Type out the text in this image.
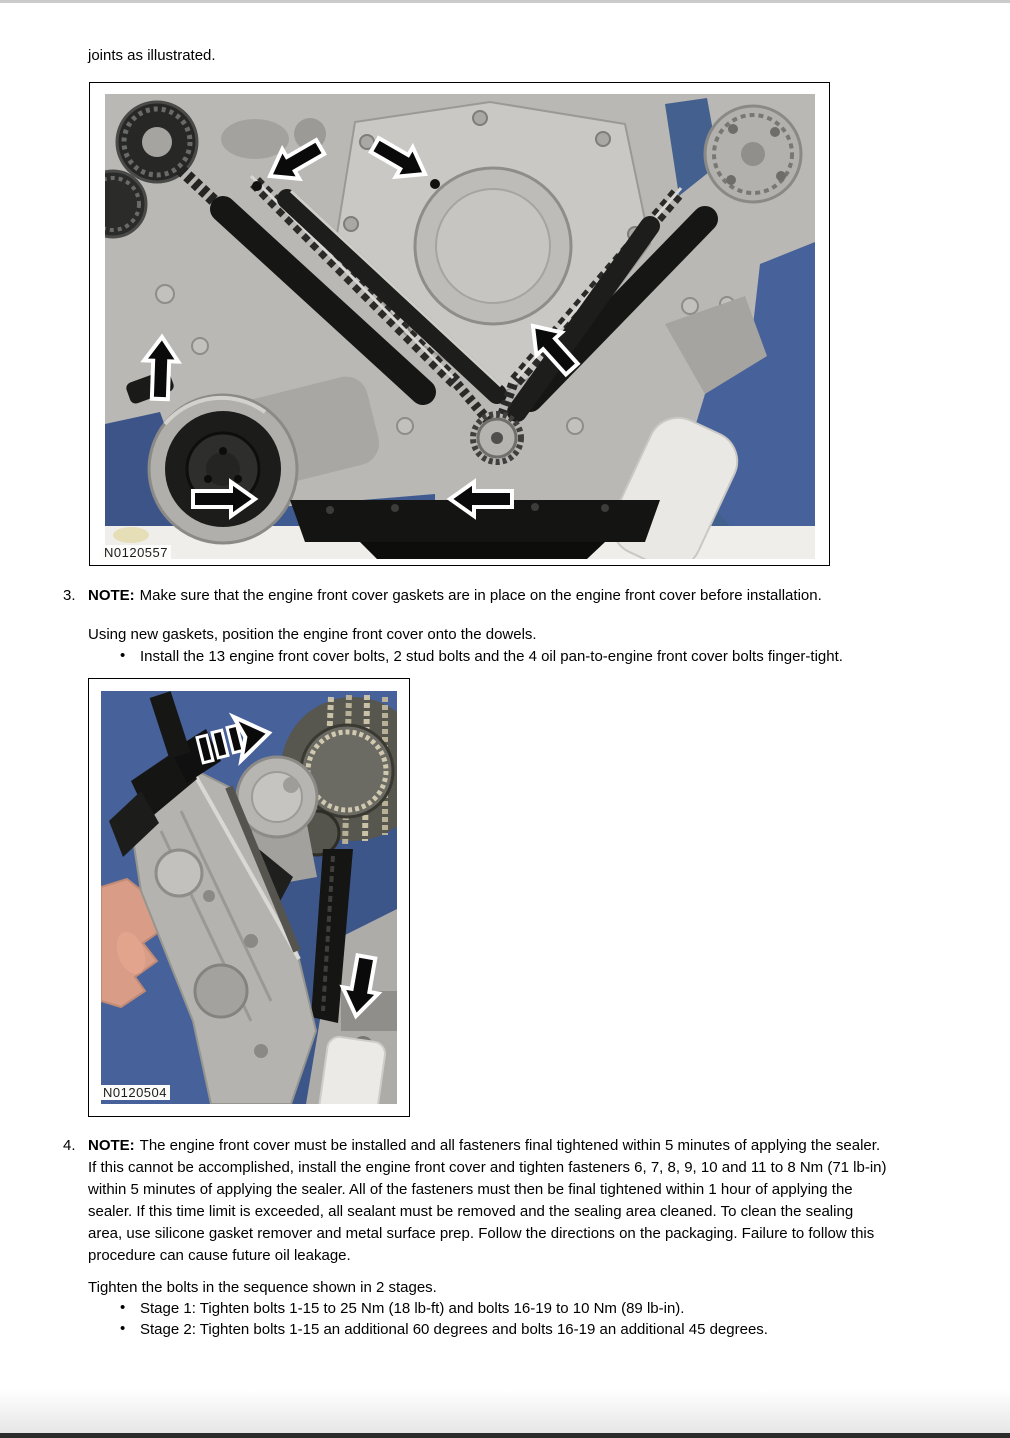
joints as illustrated.
N0120557
3. NOTE: Make sure that the engine front cover gaskets are in place on the engine front cover before installation.
Using new gaskets, position the engine front cover onto the dowels.
• Install the 13 engine front cover bolts, 2 stud bolts and the 4 oil pan-to-engine front cover bolts finger-tight.
N0120504
4. NOTE: The engine front cover must be installed and all fasteners final tightened within 5 minutes of applying the sealer.
If this cannot be accomplished, install the engine front cover and tighten fasteners 6, 7, 8, 9, 10 and 11 to 8 Nm (71 lb-in)
within 5 minutes of applying the sealer. All of the fasteners must then be final tightened within 1 hour of applying the
sealer. If this time limit is exceeded, all sealant must be removed and the sealing area cleaned. To clean the sealing
area, use silicone gasket remover and metal surface prep. Follow the directions on the packaging. Failure to follow this
procedure can cause future oil leakage.
Tighten the bolts in the sequence shown in 2 stages.
• Stage 1: Tighten bolts 1-15 to 25 Nm (18 lb-ft) and bolts 16-19 to 10 Nm (89 lb-in).
• Stage 2: Tighten bolts 1-15 an additional 60 degrees and bolts 16-19 an additional 45 degrees.
